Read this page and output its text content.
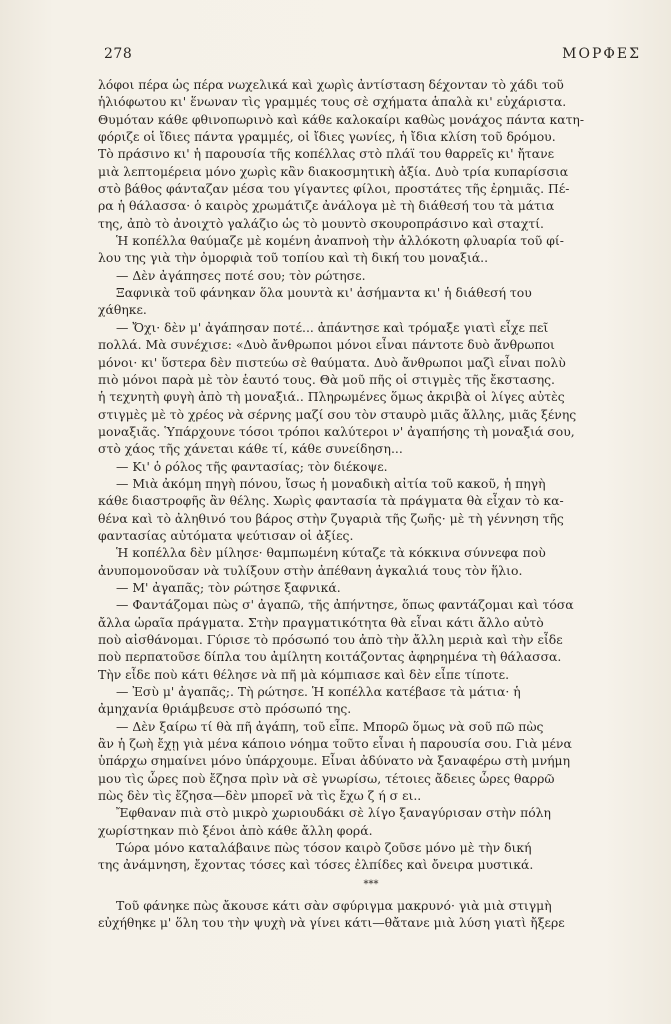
278	ΜΟΡΦΕΣ
λόφοι πέρα ὡς πέρα νωχελικά καὶ χωρὶς ἀντίσταση δέχονταν τὸ χάδι τοῦ
ἡλιόφωτου κι' ἕνωναν τὶς γραμμές τους σὲ σχήματα ἁπαλὰ κι' εὐχάριστα.
Θυμόταν κάθε φθινοπωρινὸ καὶ κάθε καλοκαίρι καθὼς μονάχος πάντα κατη-
φόριζε οἱ ἴδιες πάντα γραμμές, οἱ ἴδιες γωνίες, ἡ ἴδια κλίση τοῦ δρόμου.
Τὸ πράσινο κι' ἡ παρουσία τῆς κοπέλλας στὸ πλάϊ του θαρρεῖς κι' ἤτανε
μιὰ λεπτομέρεια μόνο χωρὶς κἂν διακοσμητικὴ ἀξία. Δυὸ τρία κυπαρίσσια
στὸ βάθος φάνταζαν μέσα του γίγαντες φίλοι, προστάτες τῆς ἐρημιᾶς. Πέ-
ρα ἡ θάλασσα· ὁ καιρὸς χρωμάτιζε ἀνάλογα μὲ τὴ διάθεσή του τὰ μάτια
της, ἀπὸ τὸ ἀνοιχτὸ γαλάζιο ὡς τὸ μουντὸ σκουροπράσινο καὶ σταχτί.
Ἡ κοπέλλα θαύμαζε μὲ κομένη ἀναπνοὴ τὴν ἀλλόκοτη φλυαρία τοῦ φί-
λου της γιὰ τὴν ὀμορφιὰ τοῦ τοπίου καὶ τὴ δική του μοναξιά..
— Δὲν ἀγάπησες ποτέ σου; τὸν ρώτησε.
Ξαφνικὰ τοῦ φάνηκαν ὅλα μουντὰ κι' ἀσήμαντα κι' ἡ διάθεσή του
χάθηκε.
— Ὄχι· δὲν μ' ἀγάπησαν ποτέ... ἀπάντησε καὶ τρόμαξε γιατὶ εἶχε πεῖ
πολλά. Μὰ συνέχισε: «Δυὸ ἄνθρωποι μόνοι εἶναι πάντοτε δυὸ ἄνθρωποι
μόνοι· κι' ὕστερα δὲν πιστεύω σὲ θαύματα. Δυὸ ἄνθρωποι μαζὶ εἶναι πολὺ
πιὸ μόνοι παρὰ μὲ τὸν ἑαυτό τους. Θὰ μοῦ πῆς οἱ στιγμὲς τῆς ἔκστασης.
ἡ τεχνητὴ φυγὴ ἀπὸ τὴ μοναξιά.. Πληρωμένες ὅμως ἀκριβὰ οἱ λίγες αὐτὲς
στιγμὲς μὲ τὸ χρέος νὰ σέρνης μαζί σου τὸν σταυρὸ μιᾶς ἄλλης, μιᾶς ξένης
μοναξιᾶς. Ὑπάρχουνε τόσοι τρόποι καλύτεροι ν' ἀγαπήσης τὴ μοναξιά σου,
στὸ χάος τῆς χάνεται κάθε τί, κάθε συνείδηση...
— Κι' ὁ ρόλος τῆς φαντασίας; τὸν διέκοψε.
— Μιὰ ἀκόμη πηγὴ πόνου, ἴσως ἡ μοναδικὴ αἰτία τοῦ κακοῦ, ἡ πηγὴ
κάθε διαστροφῆς ἂν θέλης. Χωρὶς φαντασία τὰ πράγματα θὰ εἶχαν τὸ κα-
θένα καὶ τὸ ἀληθινό του βάρος στὴν ζυγαριὰ τῆς ζωῆς· μὲ τὴ γέννηση τῆς
φαντασίας αὐτόματα ψεύτισαν οἱ ἀξίες.
Ἡ κοπέλλα δὲν μίλησε· θαμπωμένη κύταζε τὰ κόκκινα σύννεφα ποὺ
ἀνυπομονοῦσαν νὰ τυλίξουν στὴν ἀπέθανη ἀγκαλιά τους τὸν ἥλιο.
— Μ' ἀγαπᾶς; τὸν ρώτησε ξαφνικά.
— Φαντάζομαι πὼς σ' ἀγαπῶ, τῆς ἀπήντησε, ὅπως φαντάζομαι καὶ τόσα
ἄλλα ὡραῖα πράγματα. Στὴν πραγματικότητα θὰ εἶναι κάτι ἄλλο αὐτὸ
ποὺ αἰσθάνομαι. Γύρισε τὸ πρόσωπό του ἀπὸ τὴν ἄλλη μεριὰ καὶ τὴν εἶδε
ποὺ περπατοῦσε δίπλα του ἀμίλητη κοιτάζοντας ἀφηρημένα τὴ θάλασσα.
Τὴν εἶδε ποὺ κάτι θέλησε νὰ πῆ μὰ κόμπιασε καὶ δὲν εἶπε τίποτε.
— Ἐσὺ μ' ἀγαπᾶς;. Τὴ ρώτησε. Ἡ κοπέλλα κατέβασε τὰ μάτια· ἡ
ἀμηχανία θριάμβευσε στὸ πρόσωπό της.
— Δὲν ξαίρω τί θὰ πῆ ἀγάπη, τοῦ εἶπε. Μπορῶ ὅμως νὰ σοῦ πῶ πὼς
ἂν ἡ ζωὴ ἔχῃ γιὰ μένα κάποιο νόημα τοῦτο εἶναι ἡ παρουσία σου. Γιὰ μένα
ὑπάρχω σημαίνει μόνο ὑπάρχουμε. Εἶναι ἀδύνατο νὰ ξαναφέρω στὴ μνήμη
μου τὶς ὧρες ποὺ ἔζησα πρὶν νὰ σὲ γνωρίσω, τέτοιες ἄδειες ὧρες θαρρῶ
πὼς δὲν τὶς ἔζησα—δὲν μπορεῖ νὰ τὶς ἔχω ζ ή σ ει..
Ἔφθαναν πιὰ στὸ μικρὸ χωριουδάκι σὲ λίγο ξαναγύρισαν στὴν πόλη
χωρίστηκαν πιὸ ξένοι ἀπὸ κάθε ἄλλη φορά.
Τώρα μόνο καταλάβαινε πὼς τόσον καιρὸ ζοῦσε μόνο μὲ τὴν δική
της ἀνάμνηση, ἔχοντας τόσες καὶ τόσες ἐλπίδες καὶ ὄνειρα μυστικά.
***
Τοῦ φάνηκε πὼς ἄκουσε κάτι σὰν σφύριγμα μακρυνό· γιὰ μιὰ στιγμὴ
εὐχήθηκε μ' ὅλη του τὴν ψυχὴ νὰ γίνει κάτι—θἄτανε μιὰ λύση γιατὶ ἤξερε
